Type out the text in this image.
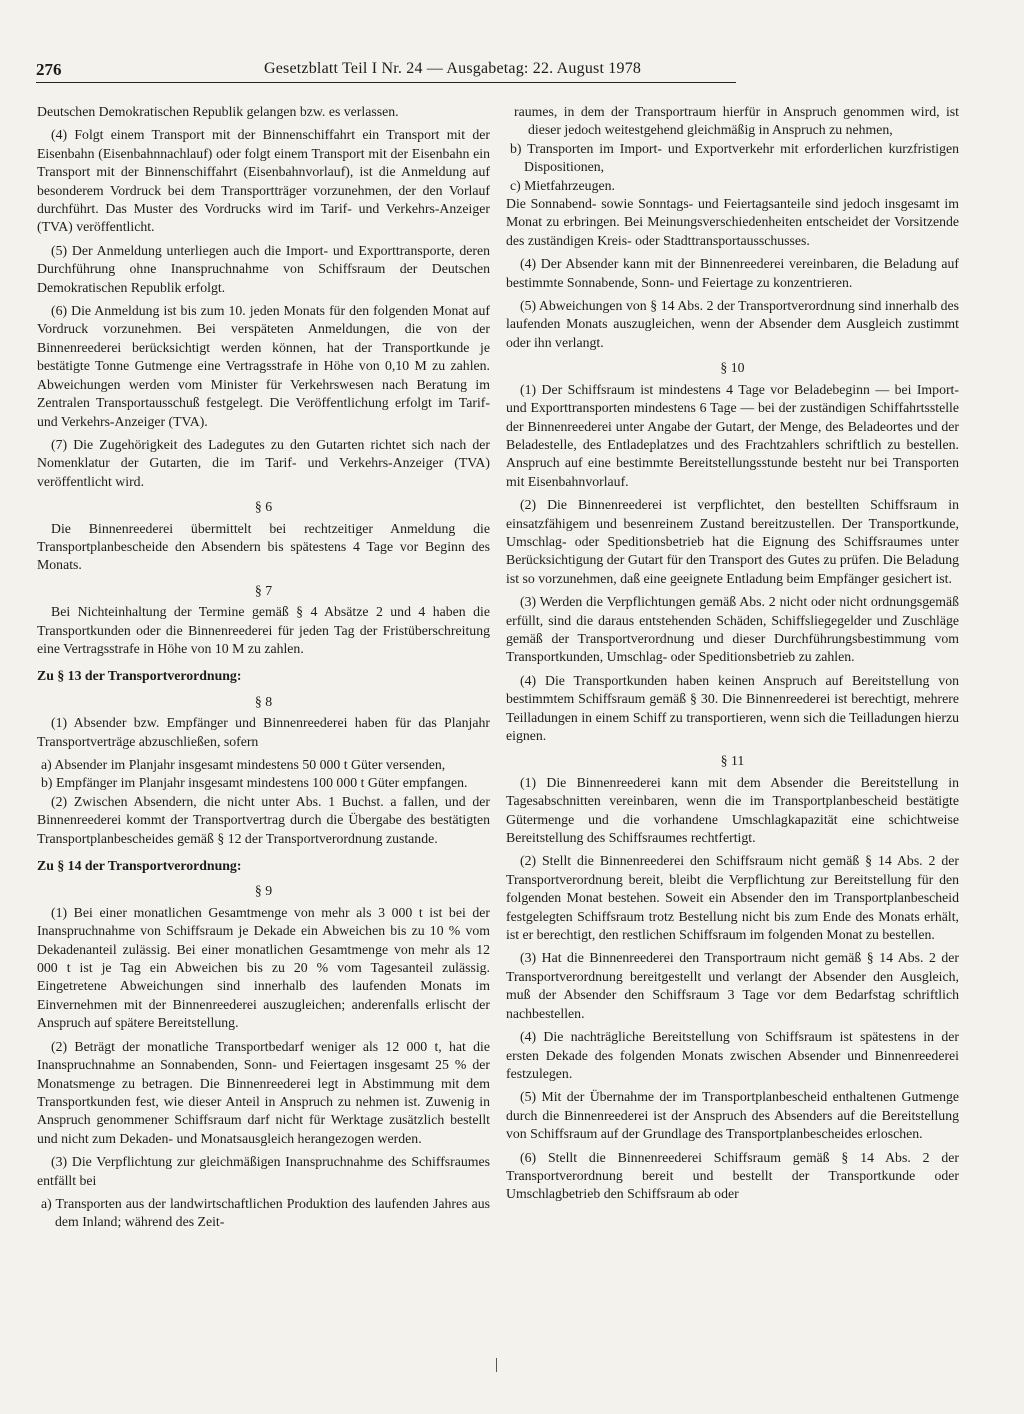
276	Gesetzblatt Teil I Nr. 24 — Ausgabetag: 22. August 1978

Deutschen Demokratischen Republik gelangen bzw. es verlassen.

(4) Folgt einem Transport mit der Binnenschiffahrt ein Transport mit der Eisenbahn (Eisenbahnnachlauf) oder folgt einem Transport mit der Eisenbahn ein Transport mit der Binnenschiffahrt (Eisenbahnvorlauf), ist die Anmeldung auf besonderem Vordruck bei dem Transportträger vorzunehmen, der den Vorlauf durchführt. Das Muster des Vordrucks wird im Tarif- und Verkehrs-Anzeiger (TVA) veröffentlicht.

(5) Der Anmeldung unterliegen auch die Import- und Exporttransporte, deren Durchführung ohne Inanspruchnahme von Schiffsraum der Deutschen Demokratischen Republik erfolgt.

(6) Die Anmeldung ist bis zum 10. jeden Monats für den folgenden Monat auf Vordruck vorzunehmen. Bei verspäteten Anmeldungen, die von der Binnenreederei berücksichtigt werden können, hat der Transportkunde je bestätigte Tonne Gutmenge eine Vertragsstrafe in Höhe von 0,10 M zu zahlen. Abweichungen werden vom Minister für Verkehrswesen nach Beratung im Zentralen Transportausschuß festgelegt. Die Veröffentlichung erfolgt im Tarif- und Verkehrs-Anzeiger (TVA).

(7) Die Zugehörigkeit des Ladegutes zu den Gutarten richtet sich nach der Nomenklatur der Gutarten, die im Tarif- und Verkehrs-Anzeiger (TVA) veröffentlicht wird.

§ 6

Die Binnenreederei übermittelt bei rechtzeitiger Anmeldung die Transportplanbescheide den Absendern bis spätestens 4 Tage vor Beginn des Monats.

§ 7

Bei Nichteinhaltung der Termine gemäß § 4 Absätze 2 und 4 haben die Transportkunden oder die Binnenreederei für jeden Tag der Fristüberschreitung eine Vertragsstrafe in Höhe von 10 M zu zahlen.

Zu § 13 der Transportverordnung:
§ 8

(1) Absender bzw. Empfänger und Binnenreederei haben für das Planjahr Transportverträge abzuschließen, sofern

a) Absender im Planjahr insgesamt mindestens 50 000 t Güter versenden,

b) Empfänger im Planjahr insgesamt mindestens 100 000 t Güter empfangen.

(2) Zwischen Absendern, die nicht unter Abs. 1 Buchst. a fallen, und der Binnenreederei kommt der Transportvertrag durch die Übergabe des bestätigten Transportplanbescheides gemäß § 12 der Transportverordnung zustande.

Zu § 14 der Transportverordnung:
§ 9

(1) Bei einer monatlichen Gesamtmenge von mehr als 3 000 t ist bei der Inanspruchnahme von Schiffsraum je Dekade ein Abweichen bis zu 10 % vom Dekadenanteil zulässig. Bei einer monatlichen Gesamtmenge von mehr als 12 000 t ist je Tag ein Abweichen bis zu 20 % vom Tagesanteil zulässig. Eingetretene Abweichungen sind innerhalb des laufenden Monats im Einvernehmen mit der Binnenreederei auszugleichen; anderenfalls erlischt der Anspruch auf spätere Bereitstellung.

(2) Beträgt der monatliche Transportbedarf weniger als 12 000 t, hat die Inanspruchnahme an Sonnabenden, Sonn- und Feiertagen insgesamt 25 % der Monatsmenge zu betragen. Die Binnenreederei legt in Abstimmung mit dem Transportkunden fest, wie dieser Anteil in Anspruch zu nehmen ist. Zuwenig in Anspruch genommener Schiffsraum darf nicht für Werktage zusätzlich bestellt und nicht zum Dekaden- und Monatsausgleich herangezogen werden.

(3) Die Verpflichtung zur gleichmäßigen Inanspruchnahme des Schiffsraumes entfällt bei

a) Transporten aus der landwirtschaftlichen Produktion des laufenden Jahres aus dem Inland; während des Zeit-

raumes, in dem der Transportraum hierfür in Anspruch genommen wird, ist dieser jedoch weitestgehend gleichmäßig in Anspruch zu nehmen,

b) Transporten im Import- und Exportverkehr mit erforderlichen kurzfristigen Dispositionen,

c) Mietfahrzeugen.

Die Sonnabend- sowie Sonntags- und Feiertagsanteile sind jedoch insgesamt im Monat zu erbringen. Bei Meinungsverschiedenheiten entscheidet der Vorsitzende des zuständigen Kreis- oder Stadttransportausschusses.

(4) Der Absender kann mit der Binnenreederei vereinbaren, die Beladung auf bestimmte Sonnabende, Sonn- und Feiertage zu konzentrieren.

(5) Abweichungen von § 14 Abs. 2 der Transportverordnung sind innerhalb des laufenden Monats auszugleichen, wenn der Absender dem Ausgleich zustimmt oder ihn verlangt.

§ 10

(1) Der Schiffsraum ist mindestens 4 Tage vor Beladebeginn — bei Import- und Exporttransporten mindestens 6 Tage — bei der zuständigen Schiffahrtsstelle der Binnenreederei unter Angabe der Gutart, der Menge, des Beladeortes und der Beladestelle, des Entladeplatzes und des Frachtzahlers schriftlich zu bestellen. Anspruch auf eine bestimmte Bereitstellungsstunde besteht nur bei Transporten mit Eisenbahnvorlauf.

(2) Die Binnenreederei ist verpflichtet, den bestellten Schiffsraum in einsatzfähigem und besenreinem Zustand bereitzustellen. Der Transportkunde, Umschlag- oder Speditionsbetrieb hat die Eignung des Schiffsraumes unter Berücksichtigung der Gutart für den Transport des Gutes zu prüfen. Die Beladung ist so vorzunehmen, daß eine geeignete Entladung beim Empfänger gesichert ist.

(3) Werden die Verpflichtungen gemäß Abs. 2 nicht oder nicht ordnungsgemäß erfüllt, sind die daraus entstehenden Schäden, Schiffsliegegelder und Zuschläge gemäß der Transportverordnung und dieser Durchführungsbestimmung vom Transportkunden, Umschlag- oder Speditionsbetrieb zu zahlen.

(4) Die Transportkunden haben keinen Anspruch auf Bereitstellung von bestimmtem Schiffsraum gemäß § 30. Die Binnenreederei ist berechtigt, mehrere Teilladungen in einem Schiff zu transportieren, wenn sich die Teilladungen hierzu eignen.

§ 11

(1) Die Binnenreederei kann mit dem Absender die Bereitstellung in Tagesabschnitten vereinbaren, wenn die im Transportplanbescheid bestätigte Gütermenge und die vorhandene Umschlagkapazität eine schichtweise Bereitstellung des Schiffsraumes rechtfertigt.

(2) Stellt die Binnenreederei den Schiffsraum nicht gemäß § 14 Abs. 2 der Transportverordnung bereit, bleibt die Verpflichtung zur Bereitstellung für den folgenden Monat bestehen. Soweit ein Absender den im Transportplanbescheid festgelegten Schiffsraum trotz Bestellung nicht bis zum Ende des Monats erhält, ist er berechtigt, den restlichen Schiffsraum im folgenden Monat zu bestellen.

(3) Hat die Binnenreederei den Transportraum nicht gemäß § 14 Abs. 2 der Transportverordnung bereitgestellt und verlangt der Absender den Ausgleich, muß der Absender den Schiffsraum 3 Tage vor dem Bedarfstag schriftlich nachbestellen.

(4) Die nachträgliche Bereitstellung von Schiffsraum ist spätestens in der ersten Dekade des folgenden Monats zwischen Absender und Binnenreederei festzulegen.

(5) Mit der Übernahme der im Transportplanbescheid enthaltenen Gutmenge durch die Binnenreederei ist der Anspruch des Absenders auf die Bereitstellung von Schiffsraum auf der Grundlage des Transportplanbescheides erloschen.

(6) Stellt die Binnenreederei Schiffsraum gemäß § 14 Abs. 2 der Transportverordnung bereit und bestellt der Transportkunde oder Umschlagbetrieb den Schiffsraum ab oder
